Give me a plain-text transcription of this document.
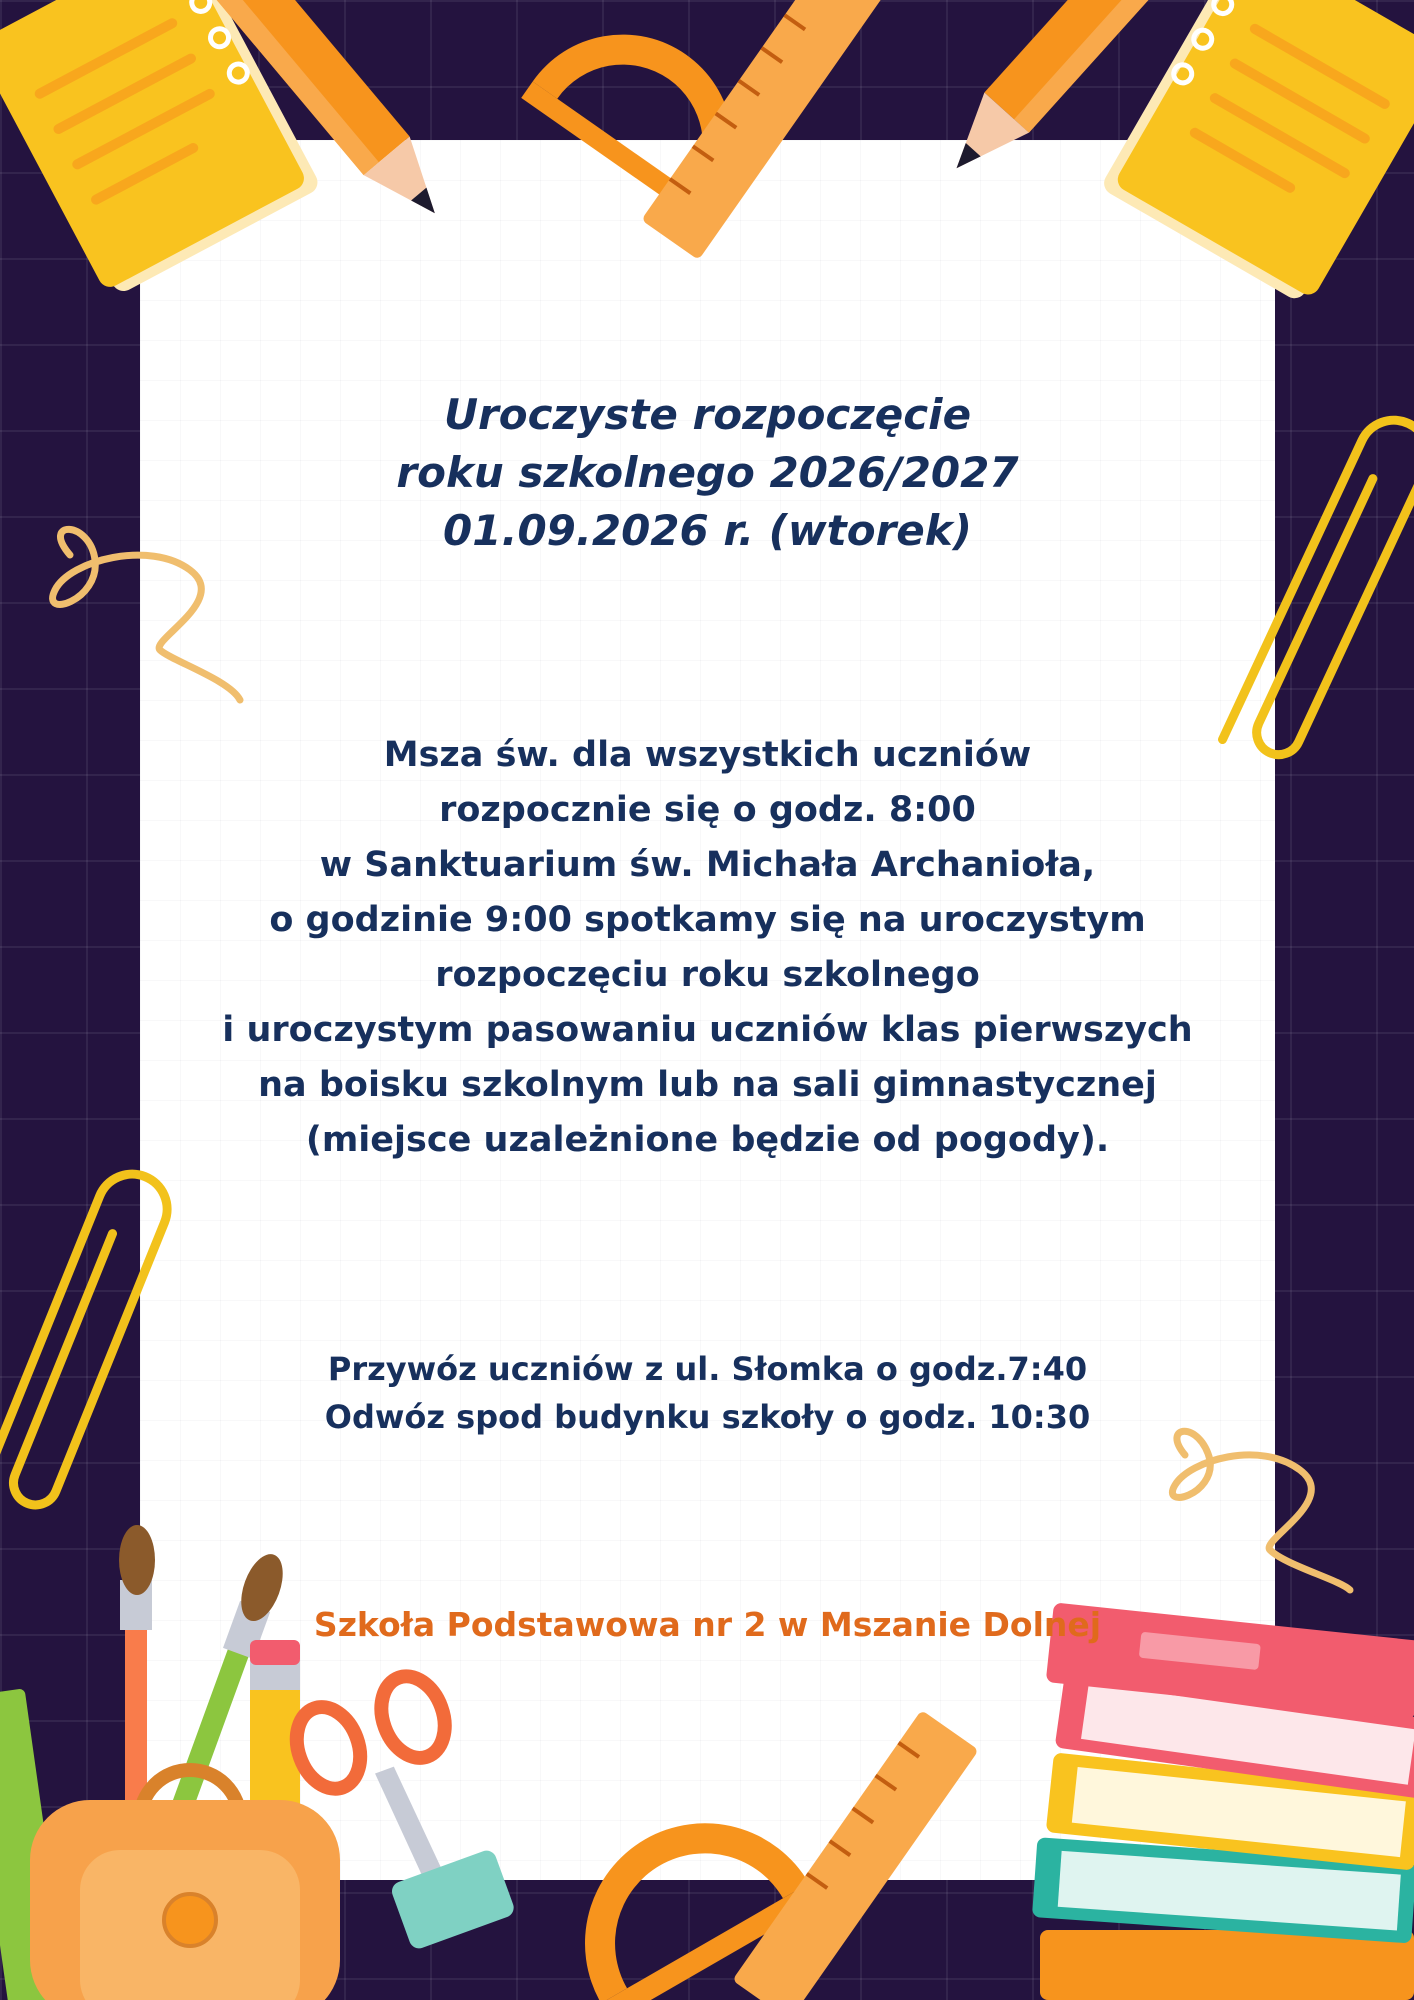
Uroczyste rozpoczęcie
roku szkolnego 2026/2027
01.09.2026 r. (wtorek)
Msza św. dla wszystkich uczniów
rozpocznie się o godz. 8:00
w Sanktuarium św. Michała Archanioła,
o godzinie 9:00 spotkamy się na uroczystym
rozpoczęciu roku szkolnego
i uroczystym pasowaniu uczniów klas pierwszych
na boisku szkolnym lub na sali gimnastycznej
(miejsce uzależnione będzie od pogody).
Przywóz uczniów z ul. Słomka o godz.7:40
Odwóz spod budynku szkoły o godz. 10:30
Szkoła Podstawowa nr 2 w Mszanie Dolnej
